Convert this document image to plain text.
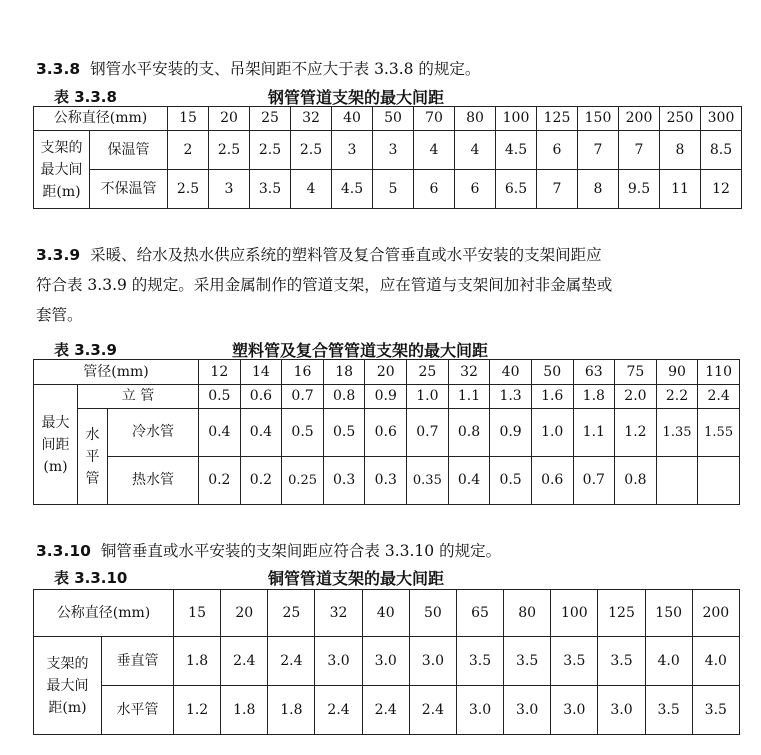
3.3.8 钢管水平安装的支、吊架间距不应大于表 3.3.8 的规定。
表 3.3.8	钢管管道支架的最大间距
公称直径(mm)		15	20	25	32	40	50	70	80	100	125	150	200	250	300

支架的
最大间
距(m)	保温管	2	2.5	2.5	2.5	3	3	4	4	4.5	6	7	7	8	8.5
	不保温管	2.5	3	3.5	4	4.5	5	6	6	6.5	7	8	9.5	11	12
3.3.9 采暖、给水及热水供应系统的塑料管及复合管垂直或水平安装的支架间距应
符合表 3.3.9 的规定。采用金属制作的管道支架，应在管道与支架间加衬非金属垫或
套管。
表 3.3.9	塑料管及复合管管道支架的最大间距
管径(mm)			12	14	16	18	20	25	32	40	50	63	75	90	110

最大
间距
(m)	立 管		0.5	0.6	0.7	0.8	0.9	1.0	1.1	1.3	1.6	1.8	2.0	2.2	2.4

	水
平
管	冷水管	0.4	0.4	0.5	0.5	0.6	0.7	0.8	0.9	1.0	1.1	1.2	1.35	1.55
		热水管	0.2	0.2	0.25	0.3	0.3	0.35	0.4	0.5	0.6	0.7	0.8		
3.3.10 铜管垂直或水平安装的支架间距应符合表 3.3.10 的规定。
表 3.3.10	铜管管道支架的最大间距
公称直径(mm)		15	20	25	32	40	50	65	80	100	125	150	200

支架的
最大间
距(m)	垂直管	1.8	2.4	2.4	3.0	3.0	3.0	3.5	3.5	3.5	3.5	4.0	4.0
	水平管	1.2	1.8	1.8	2.4	2.4	2.4	3.0	3.0	3.0	3.0	3.5	3.5
